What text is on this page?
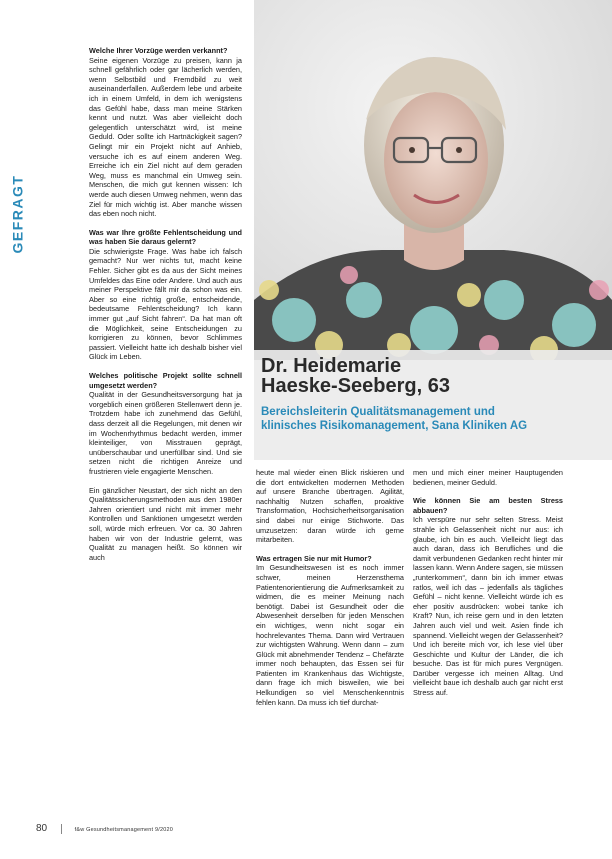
GEFRAGT

Welche Ihrer Vorzüge werden verkannt?

Seine eigenen Vorzüge zu preisen, kann ja schnell gefährlich oder gar lächerlich werden, wenn Selbstbild und Fremdbild zu weit auseinanderfallen. Außerdem lebe und arbeite ich in einem Umfeld, in dem ich wenigstens das Gefühl habe, dass man meine Stärken kennt und nutzt. Was aber vielleicht doch gelegentlich unterschätzt wird, ist meine Geduld. Oder sollte ich Hartnäckigkeit sagen? Gelingt mir ein Projekt nicht auf Anhieb, versuche ich es auf einem anderen Weg. Erreiche ich ein Ziel nicht auf dem geraden Weg, muss es manchmal ein Umweg sein. Menschen, die mich gut kennen wissen: Ich werde auch diesen Umweg nehmen, wenn das Ziel für mich wichtig ist. Aber manche wissen das eben noch nicht.

Was war Ihre größte Fehlentscheidung und was haben Sie daraus gelernt?

Die schwierigste Frage. Was habe ich falsch gemacht? Nur wer nichts tut, macht keine Fehler. Sicher gibt es da aus der Sicht meines Umfeldes das Eine oder Andere. Und auch aus meiner Perspektive fällt mir da schon was ein. Aber so eine richtig große, entscheidende, bedeutsame Fehlentscheidung? Ich kann immer gut „auf Sicht fahren“. Da hat man oft die Möglichkeit, seine Entscheidungen zu korrigieren zu können, bevor Schlimmes passiert. Vielleicht hatte ich deshalb bisher viel Glück im Leben.

Welches politische Projekt sollte schnell umgesetzt werden?

Qualität in der Gesundheitsversorgung hat ja vorgeblich einen größeren Stellenwert denn je. Trotzdem habe ich zunehmend das Gefühl, dass derzeit all die Regelungen, mit denen wir im Wochenrhythmus bedacht werden, immer kleinteiliger, von Misstrauen geprägt, unüberschaubar und unerfüllbar sind. Und sie setzen nicht die richtigen Anreize und frustrieren viele engagierte Menschen.

Ein gänzlicher Neustart, der sich nicht an den Qualitätssicherungsmethoden aus den 1980er Jahren orientiert und nicht mit immer mehr Kontrollen und Sanktionen umgesetzt werden soll, würde mich erfreuen. Vor ca. 30 Jahren haben wir von der Industrie gelernt, was Qualität zu managen heißt. So können wir auch

Dr. Heidemarie
Haeske-Seeberg, 63
Bereichsleiterin Qualitätsmanagement und
klinisches Risikomanagement, Sana Kliniken AG

heute mal wieder einen Blick riskieren und die dort entwickelten modernen Methoden auf unsere Branche übertragen. Agilität, nachhaltig Nutzen schaffen, proaktive Transformation, Hochsicherheitsorganisation sind dabei nur einige Stichworte. Das umzusetzen: daran würde ich gerne mitarbeiten.

Was ertragen Sie nur mit Humor?

Im Gesundheitswesen ist es noch immer schwer, meinen Herzensthema Patientenorientierung die Aufmerksamkeit zu widmen, die es meiner Meinung nach benötigt. Dabei ist Gesundheit oder die Abwesenheit derselben für jeden Menschen ein wichtiges, wenn nicht sogar ein hochrelevantes Thema. Dann wird Vertrauen zur wichtigsten Währung. Wenn dann – zum Glück mit abnehmender Tendenz – Chefärzte immer noch behaupten, das Essen sei für Patienten im Krankenhaus das Wichtigste, dann frage ich mich bisweilen, wie bei Helkundigen so viel Menschenkenntnis fehlen kann. Da muss ich tief durchat-

men und mich einer meiner Hauptugenden bedienen, meiner Geduld.

Wie können Sie am besten Stress abbauen?

Ich verspüre nur sehr selten Stress. Meist strahle ich Gelassenheit nicht nur aus: ich glaube, ich bin es auch. Vielleicht liegt das auch daran, dass ich Berufliches und die damit verbundenen Gedanken recht hinter mir lassen kann. Wenn Andere sagen, sie müssen „runterkommen“, dann bin ich immer etwas ratlos, weil ich das – jedenfalls als tägliches Gefühl – nicht kenne. Vielleicht würde ich es eher positiv ausdrücken: wobei tanke ich Kraft? Nun, ich reise gern und in den letzten Jahren auch viel und weit. Asien finde ich spannend. Vielleicht wegen der Gelassenheit? Und ich bereite mich vor, ich lese viel über Geschichte und Kultur der Länder, die ich besuche. Das ist für mich pures Vergnügen. Darüber vergesse ich meinen Alltag. Und vielleicht baue ich deshalb auch gar nicht erst Stress auf.

80	f&w Gesundheitsmanagement 9/2020
